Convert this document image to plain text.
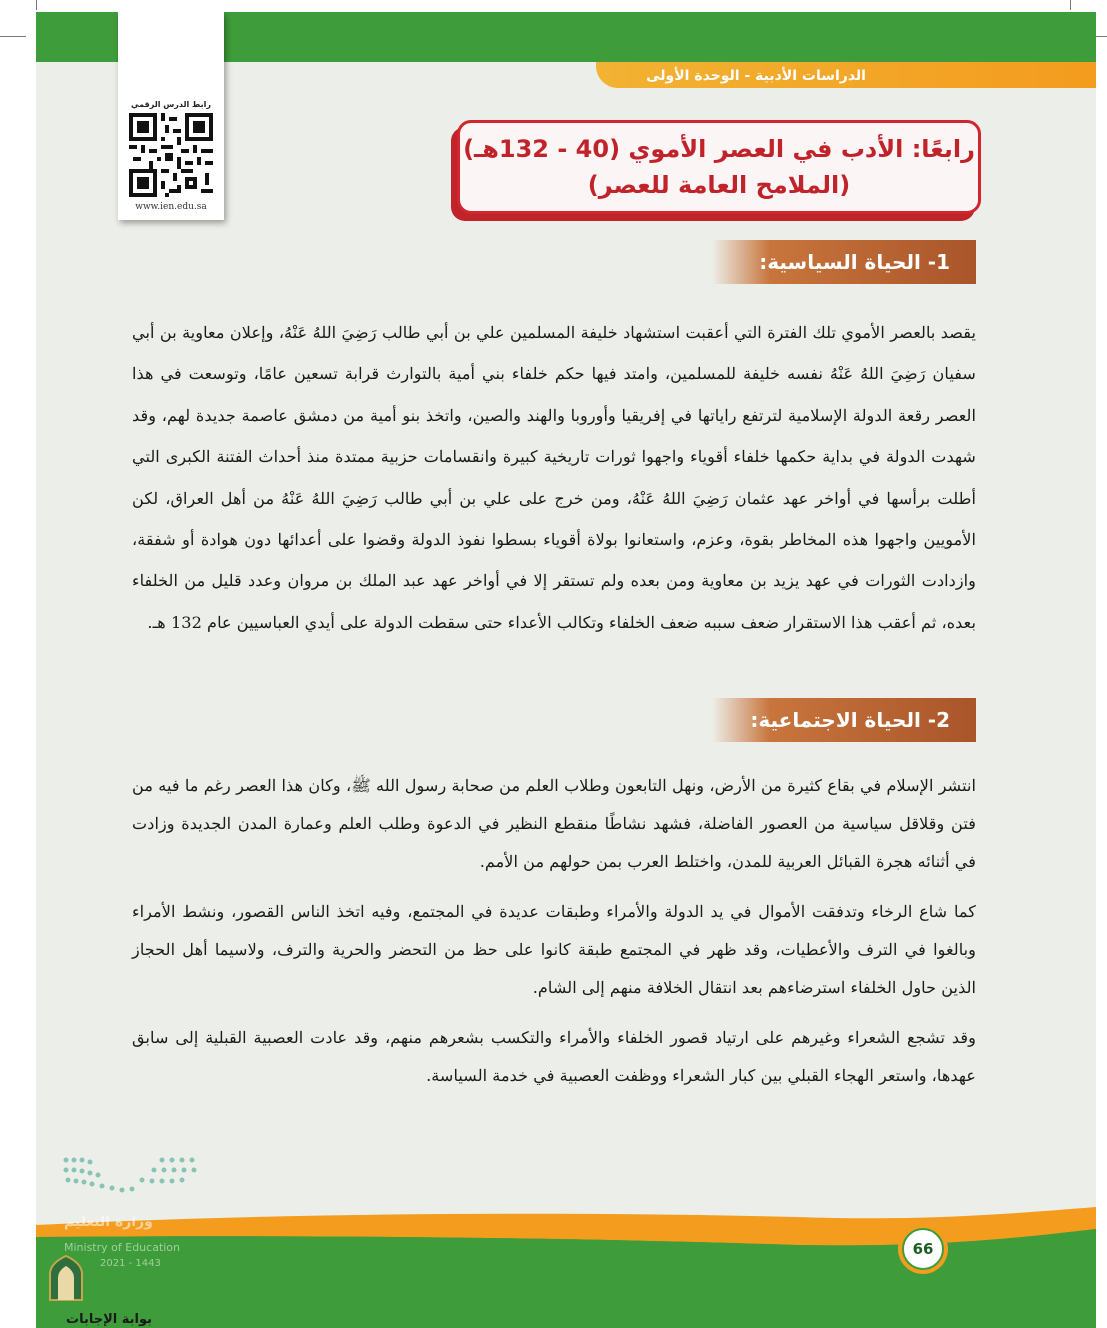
الدراسات الأدبية - الوحدة الأولى
رابط الدرس الرقمي
www.ien.edu.sa
رابعًا: الأدب في العصر الأموي (40 - 132هـ)
(الملامح العامة للعصر)
1- الحياة السياسية:

يقصد بالعصر الأموي تلك الفترة التي أعقبت استشهاد خليفة المسلمين علي بن أبي طالب رَضِيَ اللهُ عَنْهُ، وإعلان معاوية بن أبي سفيان رَضِيَ اللهُ عَنْهُ نفسه خليفة للمسلمين، وامتد فيها حكم خلفاء بني أمية بالتوارث قرابة تسعين عامًا، وتوسعت في هذا العصر رقعة الدولة الإسلامية لترتفع راياتها في إفريقيا وأوروبا والهند والصين، واتخذ بنو أمية من دمشق عاصمة جديدة لهم، وقد شهدت الدولة في بداية حكمها خلفاء أقوياء واجهوا ثورات تاريخية كبيرة وانقسامات حزبية ممتدة منذ أحداث الفتنة الكبرى التي أطلت برأسها في أواخر عهد عثمان رَضِيَ اللهُ عَنْهُ، ومن خرج على علي بن أبي طالب رَضِيَ اللهُ عَنْهُ من أهل العراق، لكن الأمويين واجهوا هذه المخاطر بقوة، وعزم، واستعانوا بولاة أقوياء بسطوا نفوذ الدولة وقضوا على أعدائها دون هوادة أو شفقة، وازدادت الثورات في عهد يزيد بن معاوية ومن بعده ولم تستقر إلا في أواخر عهد عبد الملك بن مروان وعدد قليل من الخلفاء بعده، ثم أعقب هذا الاستقرار ضعف سببه ضعف الخلفاء وتكالب الأعداء حتى سقطت الدولة على أيدي العباسيين عام 132 هـ.

2- الحياة الاجتماعية:

انتشر الإسلام في بقاع كثيرة من الأرض، ونهل التابعون وطلاب العلم من صحابة رسول الله ﷺ، وكان هذا العصر رغم ما فيه من فتن وقلاقل سياسية من العصور الفاضلة، فشهد نشاطًا منقطع النظير في الدعوة وطلب العلم وعمارة المدن الجديدة وزادت في أثنائه هجرة القبائل العربية للمدن، واختلط العرب بمن حولهم من الأمم.

كما شاع الرخاء وتدفقت الأموال في يد الدولة والأمراء وطبقات عديدة في المجتمع، وفيه اتخذ الناس القصور، ونشط الأمراء وبالغوا في الترف والأعطيات، وقد ظهر في المجتمع طبقة كانوا على حظ من التحضر والحرية والترف، ولاسيما أهل الحجاز الذين حاول الخلفاء استرضاءهم بعد انتقال الخلافة منهم إلى الشام.

وقد تشجع الشعراء وغيرهم على ارتياد قصور الخلفاء والأمراء والتكسب بشعرهم منهم، وقد عادت العصبية القبلية إلى سابق عهدها، واستعر الهجاء القبلي بين كبار الشعراء ووظفت العصبية في خدمة السياسة.

66
وزارة التعليم
Ministry of Education
2021 - 1443
بوابة الإجابات
